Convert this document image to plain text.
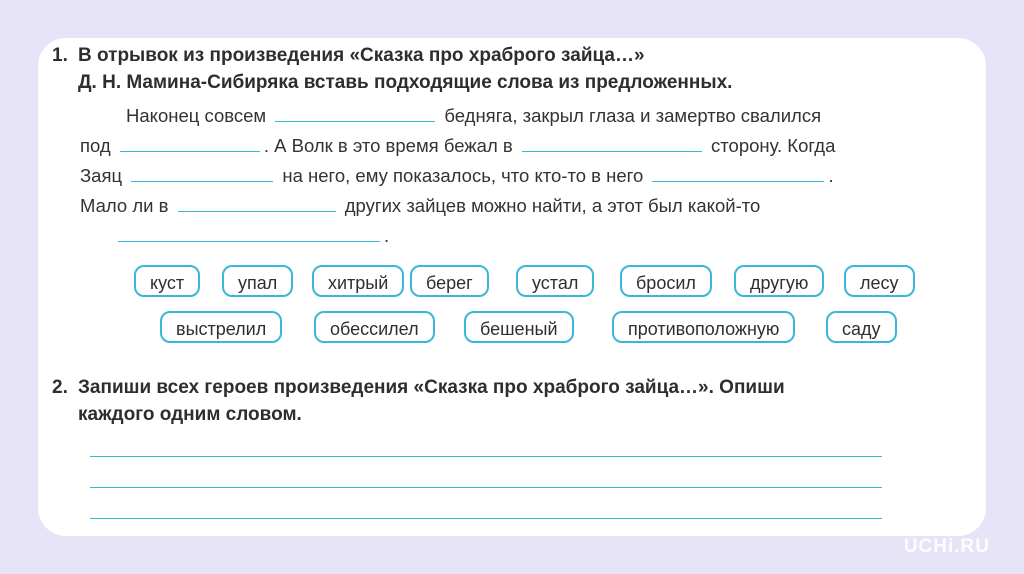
1. В отрывок из произведения «Сказка про храброго зайца…»
Д. Н. Мамина-Сибиряка вставь подходящие слова из предложенных.
Наконец совсем	бедняга, закрыл глаза и замертво свалился
под	. А Волк в это время бежал в	сторону. Когда
Заяц	на него, ему показалось, что кто-то в него	.
Мало ли в	других зайцев можно найти, а этот был какой-то
.
куст	упал	хитрый	берег	устал	бросил	другую	лесу
выстрелил	обессилел	бешеный	противоположную	саду
2. Запиши всех героев произведения «Сказка про храброго зайца…». Опиши
каждого одним словом.
UCHi.RU
